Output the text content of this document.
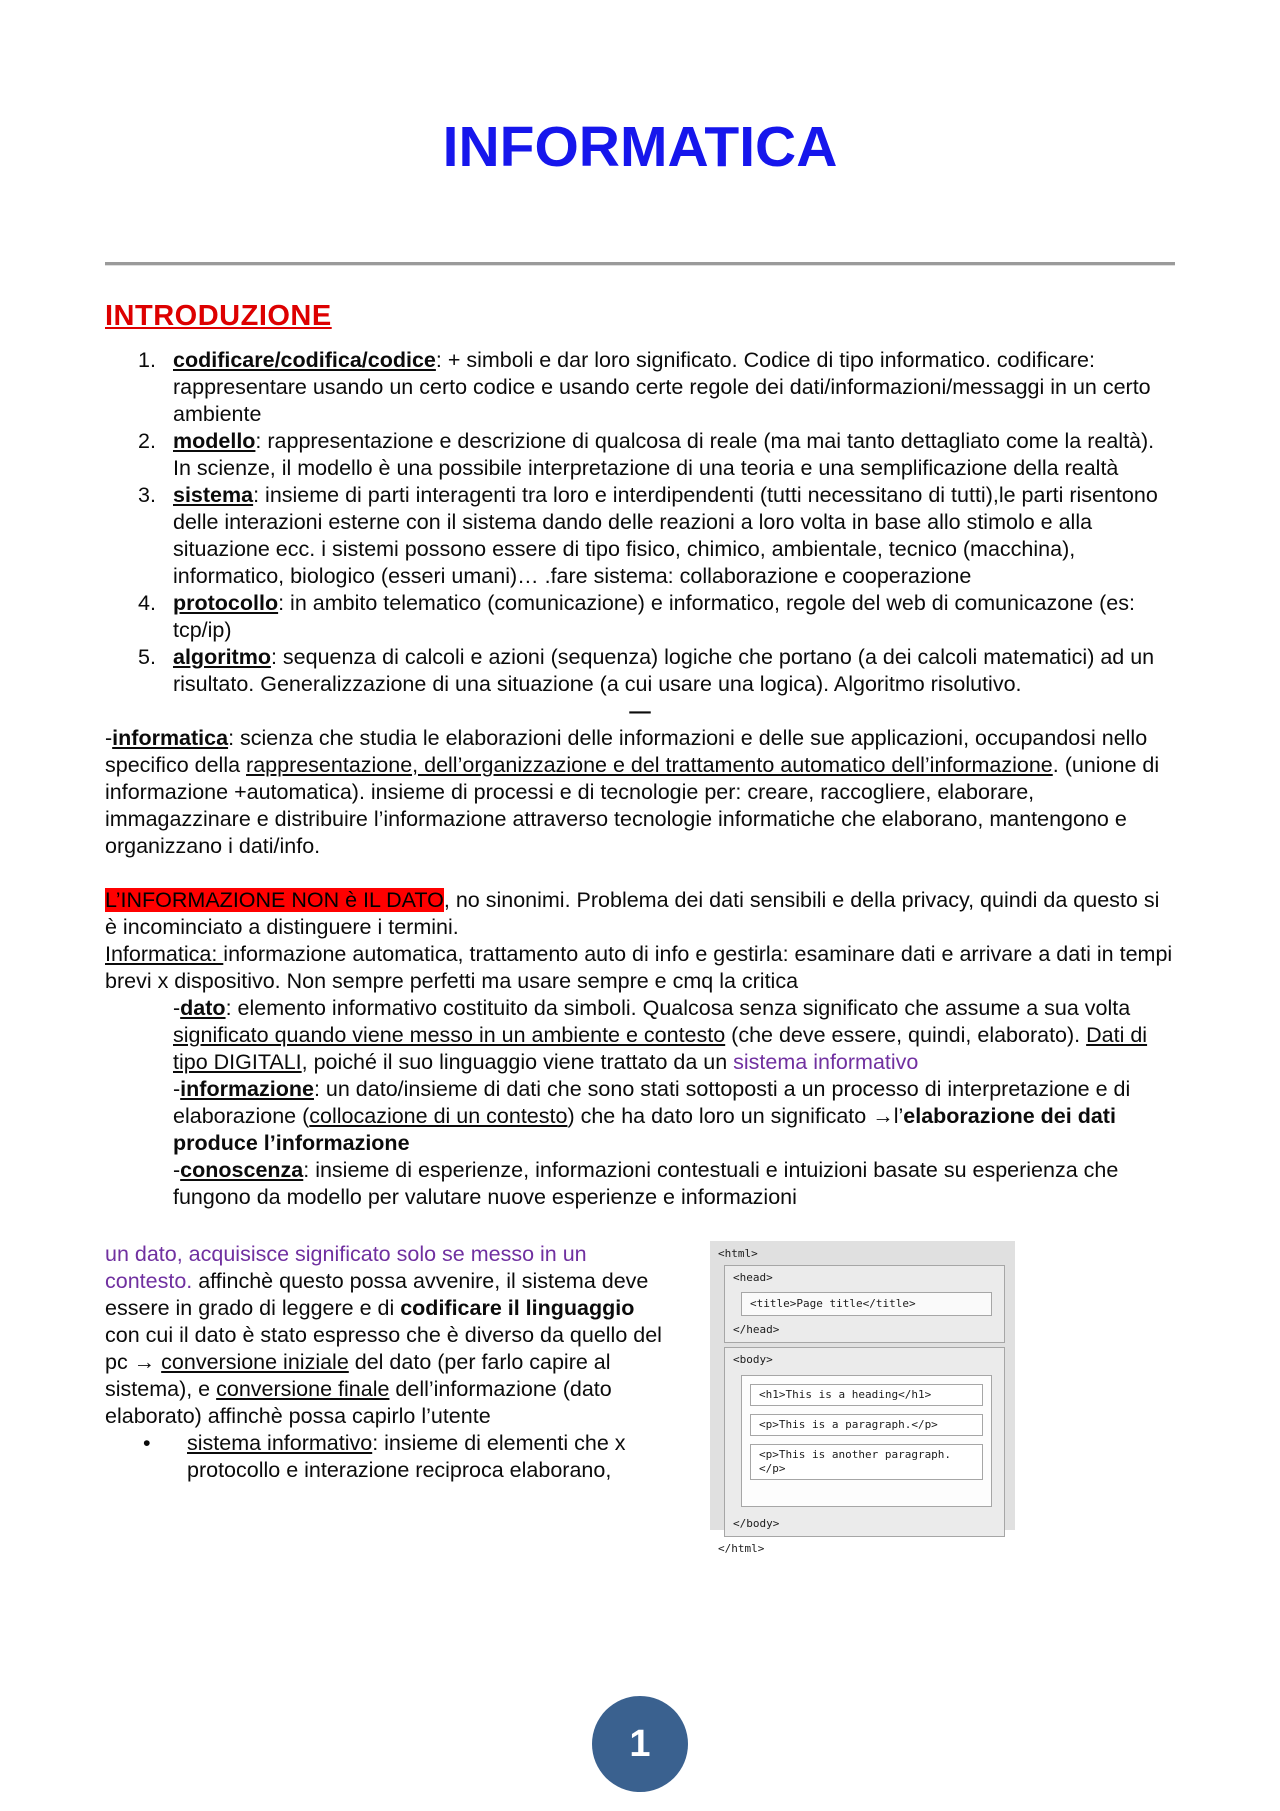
INFORMATICA
INTRODUZIONE
1. codificare/codifica/codice: + simboli e dar loro significato. Codice di tipo informatico. codificare: rappresentare usando un certo codice e usando certe regole dei dati/informazioni/messaggi in un certo ambiente
2. modello: rappresentazione e descrizione di qualcosa di reale (ma mai tanto dettagliato come la realtà). In scienze, il modello è una possibile interpretazione di una teoria e una semplificazione della realtà
3. sistema: insieme di parti interagenti tra loro e interdipendenti (tutti necessitano di tutti),le parti risentono delle interazioni esterne con il sistema dando delle reazioni a loro volta in base allo stimolo e alla situazione ecc. i sistemi possono essere di tipo fisico, chimico, ambientale, tecnico (macchina), informatico, biologico (esseri umani)… .fare sistema: collaborazione e cooperazione
4. protocollo: in ambito telematico (comunicazione) e informatico, regole del web di comunicazone (es: tcp/ip)
5. algoritmo: sequenza di calcoli e azioni (sequenza) logiche che portano (a dei calcoli matematici) ad un risultato. Generalizzazione di una situazione (a cui usare una logica). Algoritmo risolutivo.
—

-informatica: scienza che studia le elaborazioni delle informazioni e delle sue applicazioni, occupandosi nello specifico della rappresentazione, dell’organizzazione e del trattamento automatico dell’informazione. (unione di informazione +automatica). insieme di processi e di tecnologie per: creare, raccogliere, elaborare, immagazzinare e distribuire l’informazione attraverso tecnologie informatiche che elaborano, mantengono e organizzano i dati/info.

L’INFORMAZIONE NON è IL DATO, no sinonimi. Problema dei dati sensibili e della privacy, quindi da questo si è incominciato a distinguere i termini.

Informatica: informazione automatica, trattamento auto di info e gestirla: esaminare dati e arrivare a dati in tempi brevi x dispositivo. Non sempre perfetti ma usare sempre e cmq la critica

-dato: elemento informativo costituito da simboli. Qualcosa senza significato che assume a sua volta significato quando viene messo in un ambiente e contesto (che deve essere, quindi, elaborato). Dati di tipo DIGITALI, poiché il suo linguaggio viene trattato da un sistema informativo

-informazione: un dato/insieme di dati che sono stati sottoposti a un processo di interpretazione e di elaborazione (collocazione di un contesto) che ha dato loro un significato →l’elaborazione dei dati produce l’informazione

-conoscenza: insieme di esperienze, informazioni contestuali e intuizioni basate su esperienza che fungono da modello per valutare nuove esperienze e informazioni

un dato, acquisisce significato solo se messo in un contesto. affinchè questo possa avvenire, il sistema deve essere in grado di leggere e di codificare il linguaggio con cui il dato è stato espresso che è diverso da quello del pc → conversione iniziale del dato (per farlo capire al sistema), e conversione finale dell’informazione (dato elaborato) affinchè possa capirlo l’utente

•	sistema informativo: insieme di elementi che x protocollo e interazione reciproca elaborano,
<html>
<head>
<title>Page title</title>
</head>
<body>
<h1>This is a heading</h1>
<p>This is a paragraph.</p>
<p>This is another paragraph.</p>
</body>
</html>
1
